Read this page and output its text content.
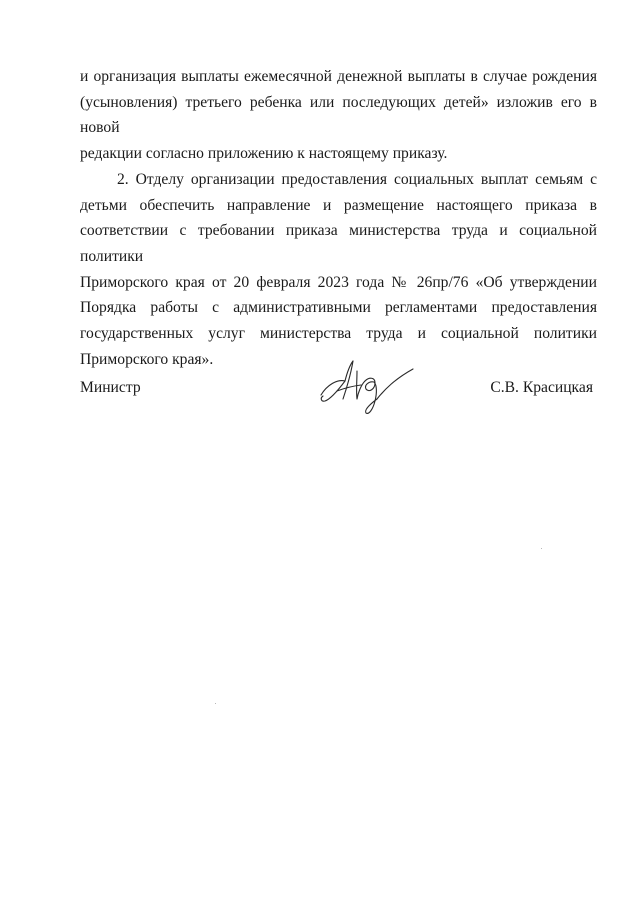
и организация выплаты ежемесячной денежной выплаты в случае рождения
(усыновления) третьего ребенка или последующих детей» изложив его в новой
редакции согласно приложению к настоящему приказу.
2. Отделу организации предоставления социальных выплат семьям с
детьми обеспечить направление и размещение настоящего приказа в
соответствии с требовании приказа министерства труда и социальной политики
Приморского края от 20 февраля 2023 года № 26пр/76 «Об утверждении
Порядка работы с административными регламентами предоставления
государственных услуг министерства труда и социальной политики
Приморского края».
Министр	С.В. Красицкая
